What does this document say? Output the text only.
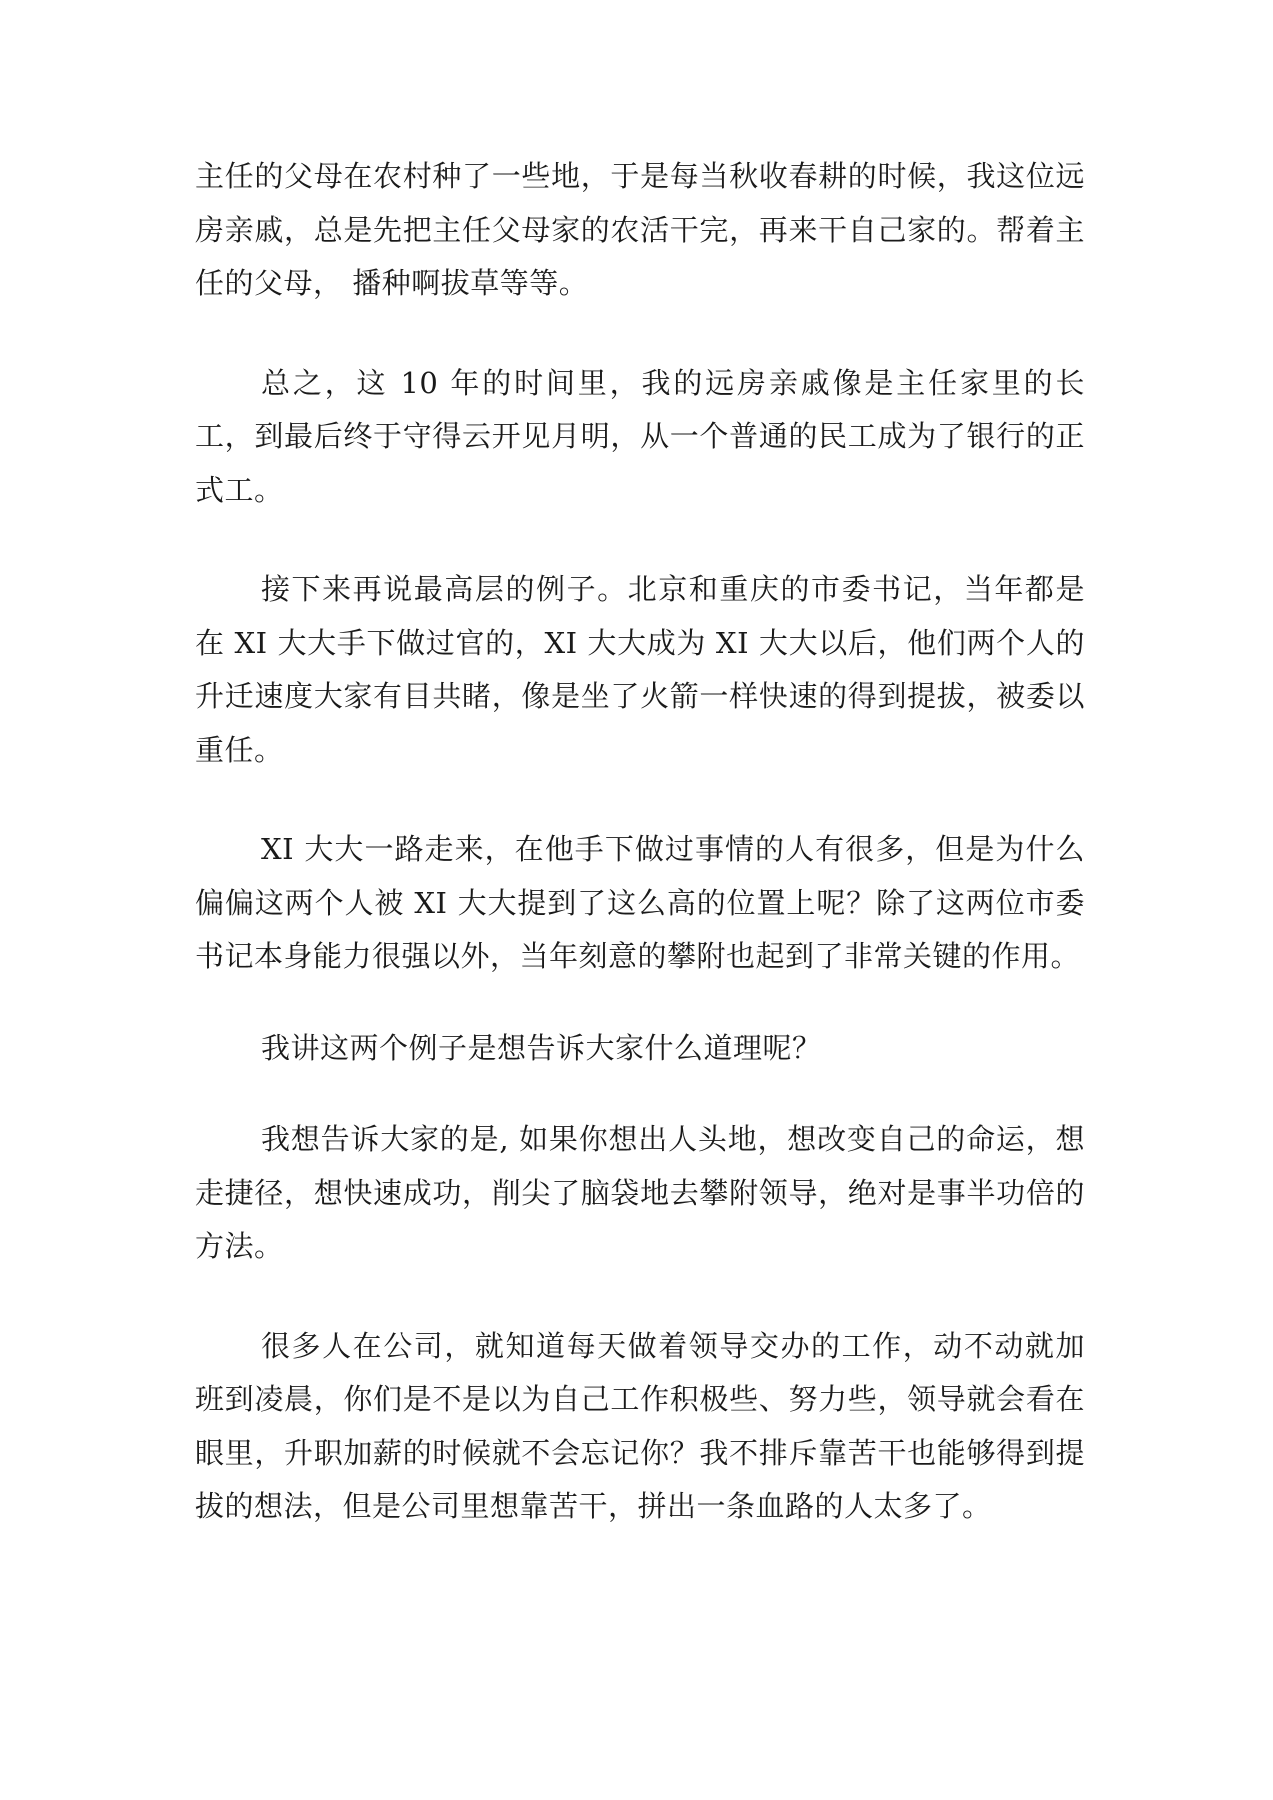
主任的父母在农村种了一些地，于是每当秋收春耕的时候，我这位远房亲戚，总是先把主任父母家的农活干完，再来干自己家的。帮着主任的父母， 播种啊拔草等等。

总之，这 10 年的时间里，我的远房亲戚像是主任家里的长工，到最后终于守得云开见月明，从一个普通的民工成为了银行的正式工。

接下来再说最高层的例子。北京和重庆的市委书记，当年都是在 XI 大大手下做过官的，XI 大大成为 XI 大大以后，他们两个人的升迁速度大家有目共睹，像是坐了火箭一样快速的得到提拔，被委以重任。

XI 大大一路走来，在他手下做过事情的人有很多，但是为什么偏偏这两个人被 XI 大大提到了这么高的位置上呢？除了这两位市委书记本身能力很强以外，当年刻意的攀附也起到了非常关键的作用。

我讲这两个例子是想告诉大家什么道理呢？

我想告诉大家的是, 如果你想出人头地，想改变自己的命运，想走捷径，想快速成功，削尖了脑袋地去攀附领导，绝对是事半功倍的方法。

很多人在公司，就知道每天做着领导交办的工作，动不动就加班到凌晨，你们是不是以为自己工作积极些、努力些，领导就会看在眼里，升职加薪的时候就不会忘记你？我不排斥靠苦干也能够得到提拔的想法，但是公司里想靠苦干，拼出一条血路的人太多了。
